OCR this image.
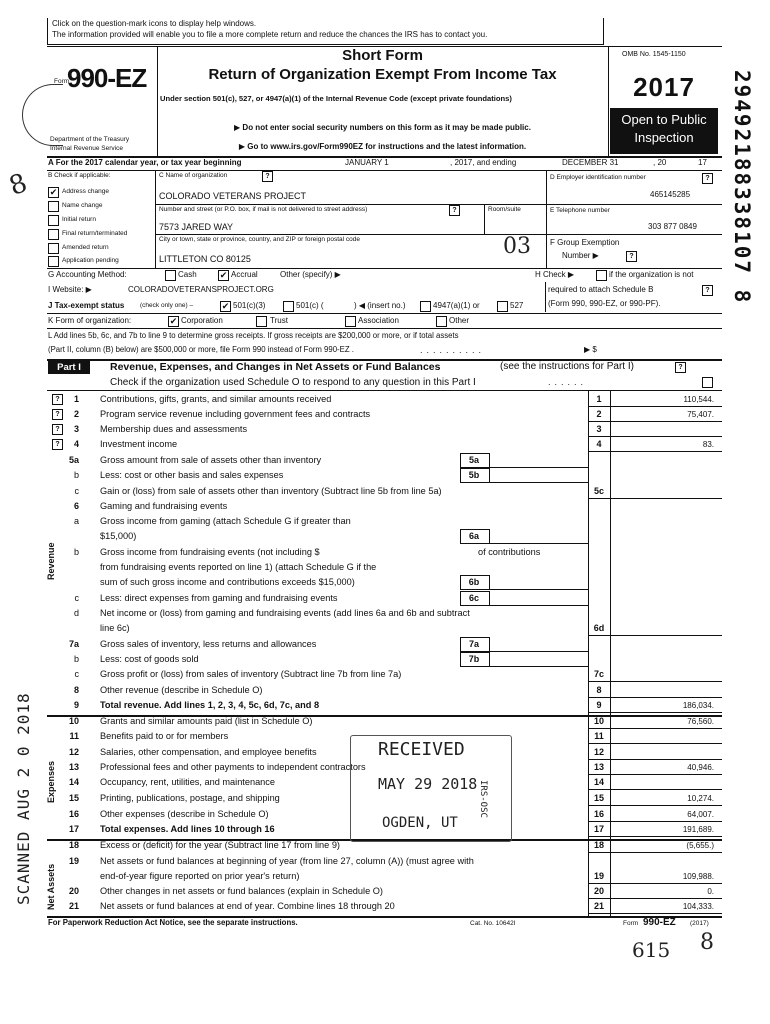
Click on the question-mark icons to display help windows.
The information provided will enable you to file a more complete return and reduce the chances the IRS has to contact you.
Form
990-EZ
Department of the Treasury
Internal Revenue Service
Short Form
Return of Organization Exempt From Income Tax
Under section 501(c), 527, or 4947(a)(1) of the Internal Revenue Code (except private foundations)
▶ Do not enter social security numbers on this form as it may be made public.
▶ Go to www.irs.gov/Form990EZ for instructions and the latest information.
OMB No. 1545-1150
2017
Open to Public
Inspection	29492188338107 8
A For the 2017 calendar year, or tax year beginning	JANUARY 1	, 2017, and ending	DECEMBER 31	, 20	17
B Check if applicable:
✔
Address change
Name change
Initial return
Final return/terminated
Amended return
Application pending
8	C Name of organization	?
COLORADO VETERANS PROJECT
Number and street (or P.O. box, if mail is not delivered to street address)	?	Room/suite
7573 JARED WAY
City or town, state or province, country, and ZIP or foreign postal code
LITTLETON CO 80125	03
D Employer identification number	?
465145285
E Telephone number
303 877 0849
F Group Exemption
Number ▶	?
G Accounting Method:	Cash ✔	Accrual	Other (specify) ▶	H Check ▶	if the organization is not
required to attach Schedule B	?
(Form 990, 990-EZ, or 990-PF).
I Website: ▶	COLORADOVETERANSPROJECT.ORG
J Tax-exempt status (check only one) – ✔	501(c)(3)	501(c) (	) ◀ (insert no.)	4947(a)(1) or	527
K Form of organization: ✔	Corporation	Trust	Association	Other
L Add lines 5b, 6c, and 7b to line 9 to determine gross receipts. If gross receipts are $200,000 or more, or if total assets
(Part II, column (B) below) are $500,000 or more, file Form 990 instead of Form 990-EZ .	..........	▶ $
Part I	Revenue, Expenses, and Changes in Net Assets or Fund Balances	(see the instructions for Part I)	?
Check if the organization used Schedule O to respond to any question in this Part I	......
Revenue
Expenses
Net Assets
?
?
?
?
1 Contributions, gifts, grants, and similar amounts received	1	110,544.
2 Program service revenue including government fees and contracts	2	75,407.
3 Membership dues and assessments	3
4 Investment income	4	83.
5a Gross amount from sale of assets other than inventory	5a
b Less: cost or other basis and sales expenses	5b
c Gain or (loss) from sale of assets other than inventory (Subtract line 5b from line 5a)	5c
6 Gaming and fundraising events
a Gross income from gaming (attach Schedule G if greater than
$15,000)	6a
b Gross income from fundraising events (not including $	of contributions
from fundraising events reported on line 1) (attach Schedule G if the
sum of such gross income and contributions exceeds $15,000)	6b
c Less: direct expenses from gaming and fundraising events	6c
d Net income or (loss) from gaming and fundraising events (add lines 6a and 6b and subtract
line 6c)	6d
7a Gross sales of inventory, less returns and allowances	7a
b Less: cost of goods sold	7b
c Gross profit or (loss) from sales of inventory (Subtract line 7b from line 7a)	7c
8 Other revenue (describe in Schedule O)	8
9 Total revenue. Add lines 1, 2, 3, 4, 5c, 6d, 7c, and 8	9	186,034.
10 Grants and similar amounts paid (list in Schedule O)	10	76,560.
11 Benefits paid to or for members	11
12 Salaries, other compensation, and employee benefits	12
13 Professional fees and other payments to independent contractors	13	40,946.
14 Occupancy, rent, utilities, and maintenance	14
15 Printing, publications, postage, and shipping	15	10,274.
16 Other expenses (describe in Schedule O)	16	64,007.
17 Total expenses. Add lines 10 through 16	17	191,689.
18 Excess or (deficit) for the year (Subtract line 17 from line 9)	18	(5,655.)
19 Net assets or fund balances at beginning of year (from line 27, column (A)) (must agree with
end-of-year figure reported on prior year's return)	19	109,988.
20 Other changes in net assets or fund balances (explain in Schedule O)	20	0.
21 Net assets or fund balances at end of year. Combine lines 18 through 20	21	104,333.
For Paperwork Reduction Act Notice, see the separate instructions.	Cat. No. 10642I	Form 990-EZ (2017)
615 8
RECEIVED
MAY 29 2018
OGDEN, UT
IRS-OSC
SCANNED AUG 2 0 2018
